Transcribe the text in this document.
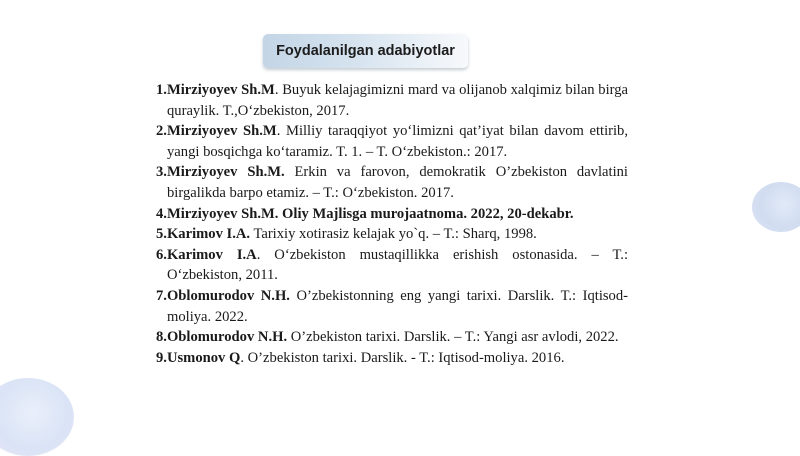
Foydalanilgan adabiyotlar
1.Mirziyoyev Sh.M. Buyuk kelajagimizni mard va olijanob xalqimiz bilan birga quraylik. T.,O‘zbekiston, 2017.
2.Mirziyoyev Sh.M. Milliy taraqqiyot yo‘limizni qat’iyat bilan davom ettirib, yangi bosqichga ko‘taramiz. T. 1. – T. O‘zbekiston.: 2017.
3.Mirziyoyev Sh.M. Erkin va farovon, demokratik O’zbekiston davlatini birgalikda barpo etamiz. – T.: O‘zbekiston. 2017.
4.Mirziyoyev Sh.M. Oliy Majlisga murojaatnoma. 2022, 20-dekabr.
5.Karimov I.A. Tarixiy xotirasiz kelajak yo`q. – T.: Sharq, 1998.
6.Karimov I.A. O‘zbekiston mustaqillikka erishish ostonasida. – T.: O‘zbekiston, 2011.
7.Oblomurodov N.H. O’zbekistonning eng yangi tarixi. Darslik. T.: Iqtisod-moliya. 2022.
8.Oblomurodov N.H. O’zbekiston tarixi. Darslik. – T.: Yangi asr avlodi, 2022.
9.Usmonov Q. O’zbekiston tarixi. Darslik. - T.: Iqtisod-moliya. 2016.
